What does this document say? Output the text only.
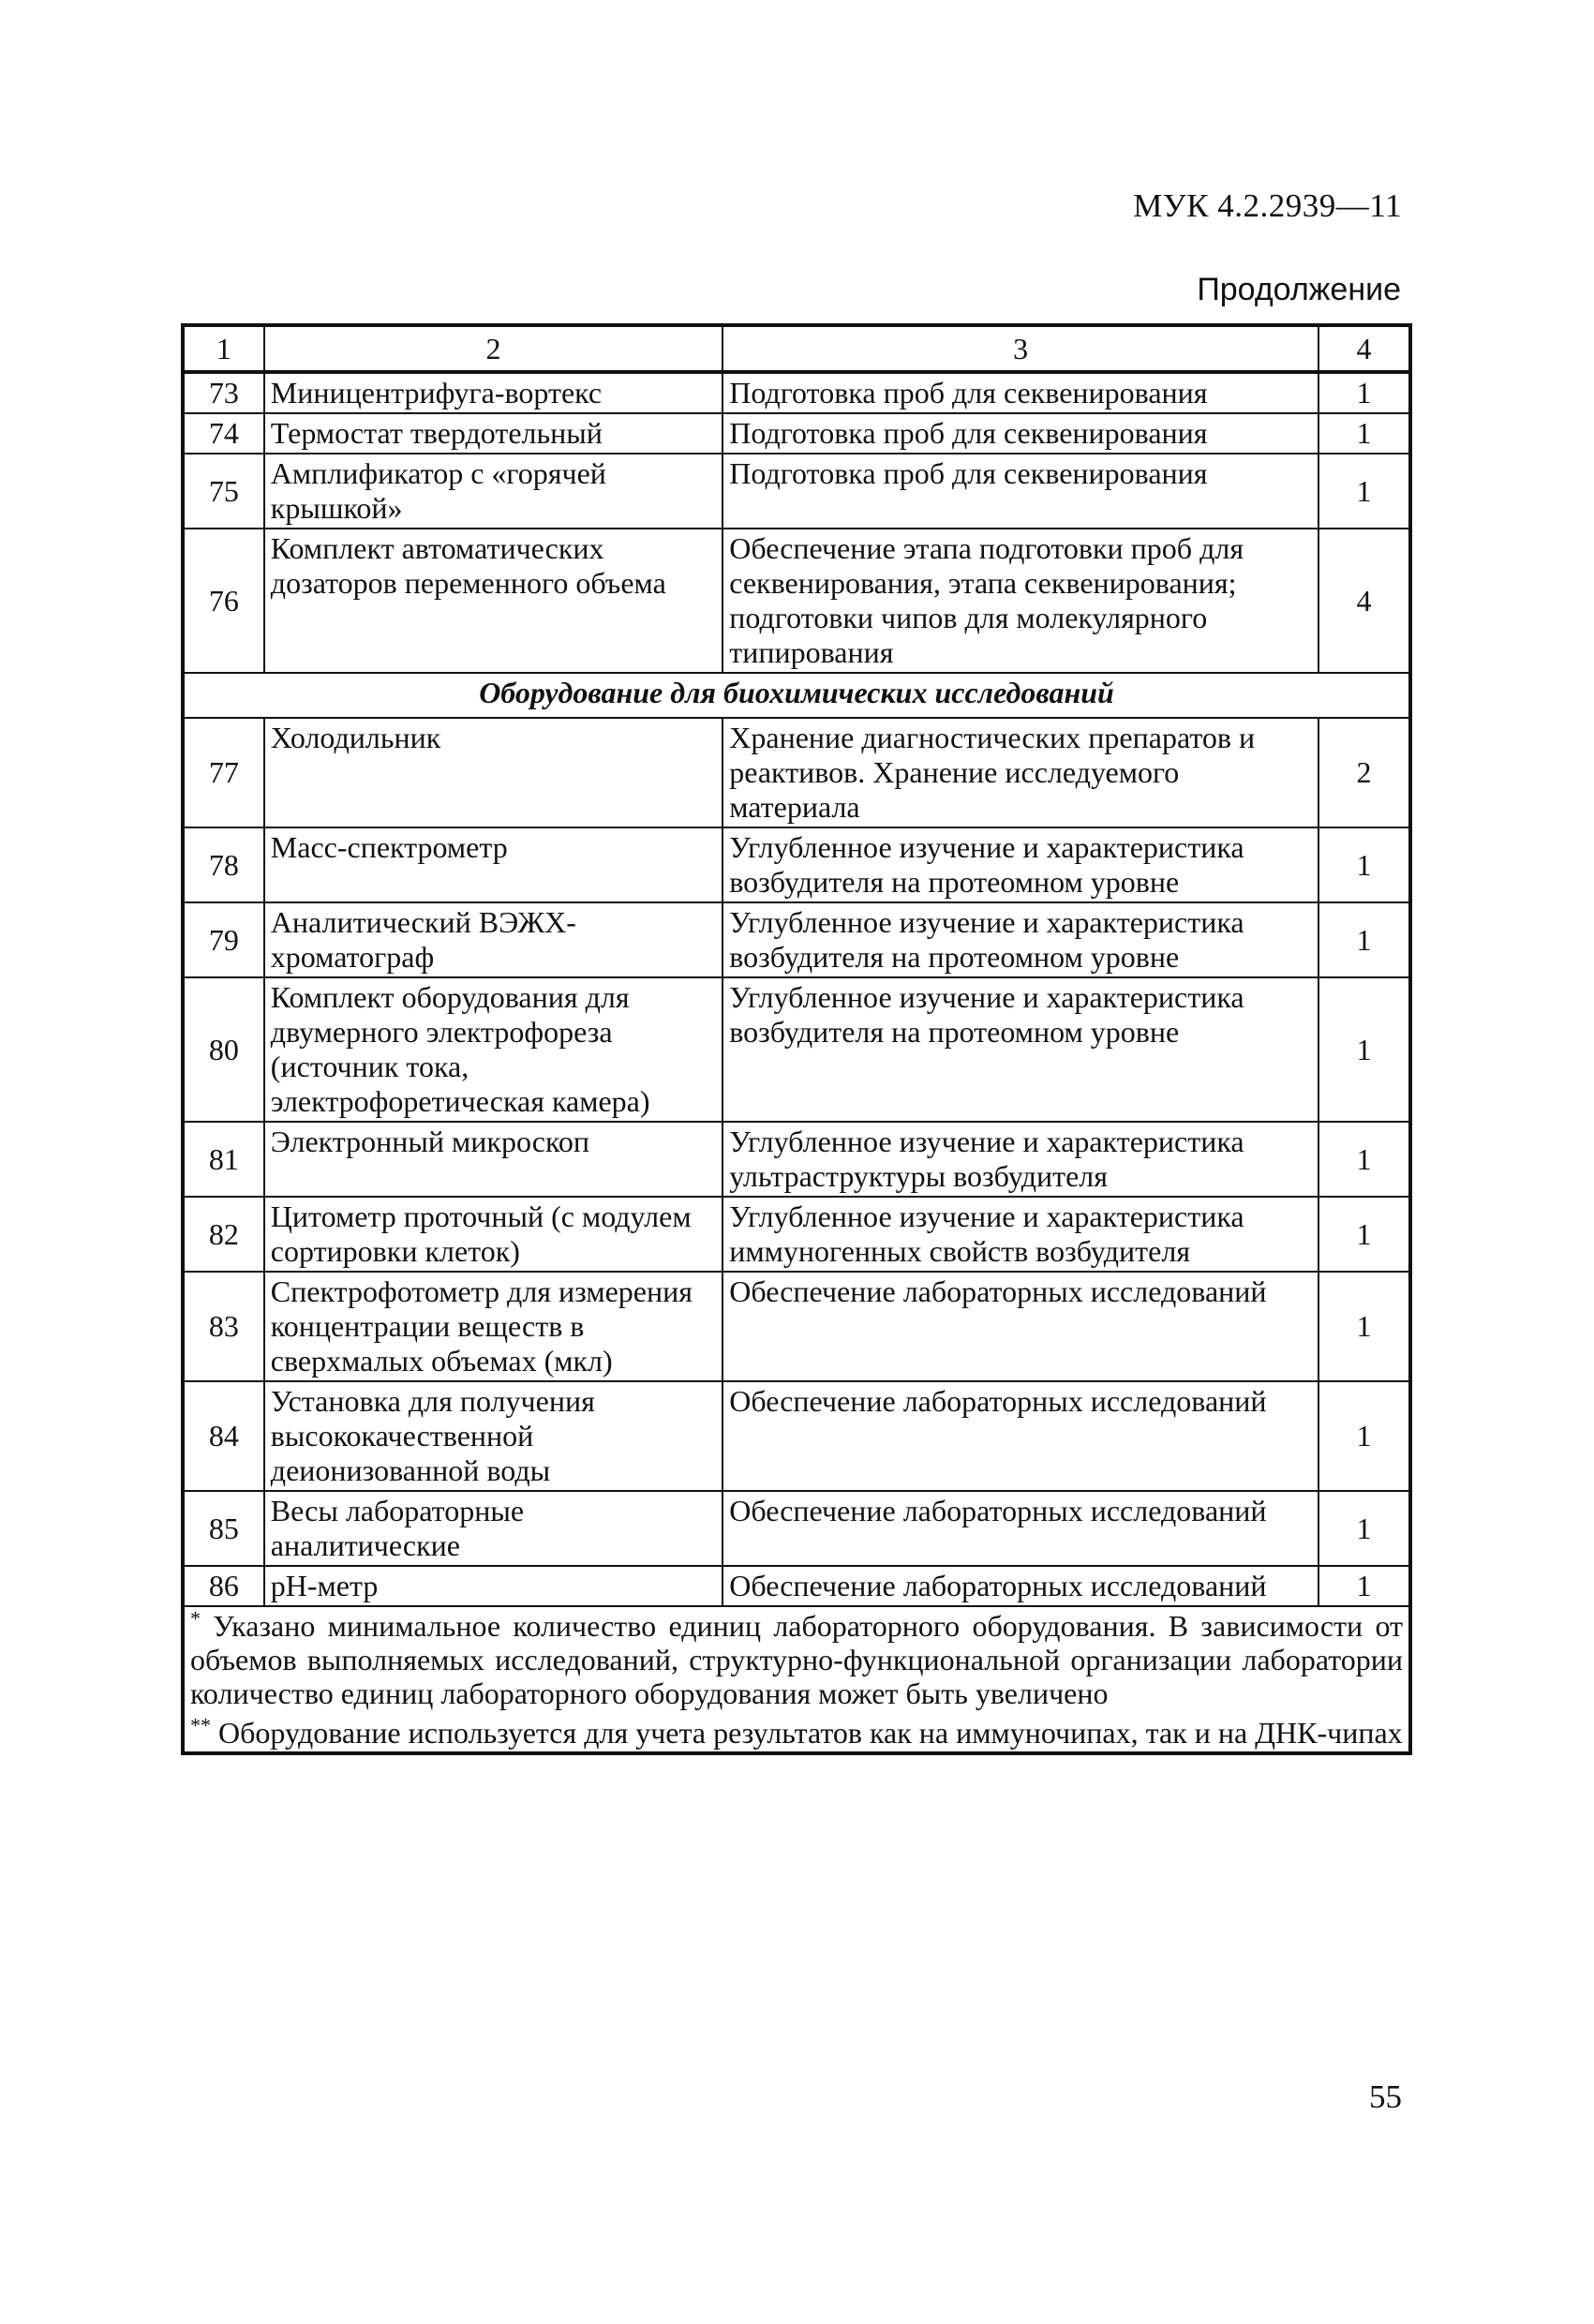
МУК 4.2.2939—11
Продолжение
1	2	3	4
73	Миницентрифуга-вортекс	Подготовка проб для секвенирования	1
74	Термостат твердотельный	Подготовка проб для секвенирования	1
75	Амплификатор с «горячей крышкой»	Подготовка проб для секвенирования	1
76	Комплект автоматических дозаторов переменного объема	Обеспечение этапа подготовки проб для секвенирования, этапа секвенирования; подготовки чипов для молекулярного типирования	4
Оборудование для биохимических исследований			
77	Холодильник	Хранение диагностических препаратов и реактивов. Хранение исследуемого материала	2
78	Масс-спектрометр	Углубленное изучение и характеристика возбудителя на протеомном уровне	1
79	Аналитический ВЭЖХ-хроматограф	Углубленное изучение и характеристика возбудителя на протеомном уровне	1
80	Комплект оборудования для двумерного электрофореза (источник тока, электрофоретическая камера)	Углубленное изучение и характеристика возбудителя на протеомном уровне	1
81	Электронный микроскоп	Углубленное изучение и характеристика ультраструктуры возбудителя	1
82	Цитометр проточный (с модулем сортировки клеток)	Углубленное изучение и характеристика иммуногенных свойств возбудителя	1
83	Спектрофотометр для измерения концентрации веществ в сверхмалых объемах (мкл)	Обеспечение лабораторных исследований	1
84	Установка для получения высококачественной деионизованной воды	Обеспечение лабораторных исследований	1
85	Весы лабораторные аналитические	Обеспечение лабораторных исследований	1
86	рН-метр	Обеспечение лабораторных исследований	1

* Указано минимальное количество единиц лабораторного оборудования. В зависимости от объемов выполняемых исследований, структурно-функциональной организации лаборатории количество единиц лабораторного оборудования может быть увеличено

** Оборудование используется для учета результатов как на иммуночипах, так и на ДНК-чипах			

55
